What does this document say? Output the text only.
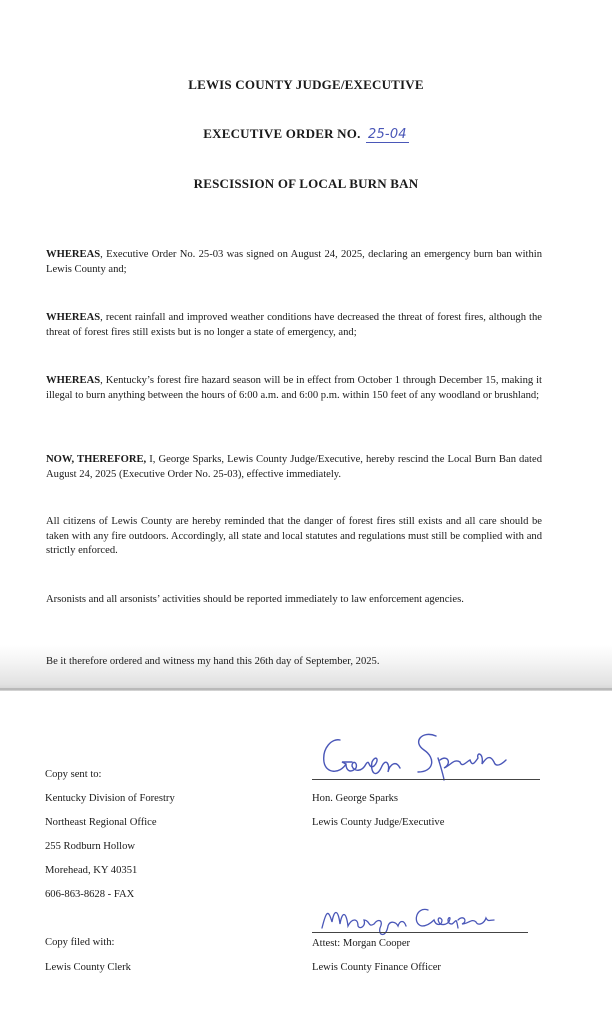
LEWIS COUNTY JUDGE/EXECUTIVE
EXECUTIVE ORDER NO. 25-04
RESCISSION OF LOCAL BURN BAN
WHEREAS, Executive Order No. 25-03 was signed on August 24, 2025, declaring an emergency burn ban within Lewis County and;
WHEREAS, recent rainfall and improved weather conditions have decreased the threat of forest fires, although the threat of forest fires still exists but is no longer a state of emergency, and;
WHEREAS, Kentucky’s forest fire hazard season will be in effect from October 1 through December 15, making it illegal to burn anything between the hours of 6:00 a.m. and 6:00 p.m. within 150 feet of any woodland or brushland;
NOW, THEREFORE, I, George Sparks, Lewis County Judge/Executive, hereby rescind the Local Burn Ban dated August 24, 2025 (Executive Order No. 25-03), effective immediately.
All citizens of Lewis County are hereby reminded that the danger of forest fires still exists and all care should be taken with any fire outdoors. Accordingly, all state and local statutes and regulations must still be complied with and strictly enforced.
Arsonists and all arsonists’ activities should be reported immediately to law enforcement agencies.
Be it therefore ordered and witness my hand this 26th day of September, 2025.
Copy sent to:
Kentucky Division of Forestry
Northeast Regional Office
255 Rodburn Hollow
Morehead, KY 40351
606-863-8628 - FAX
Copy filed with:
Lewis County Clerk
Hon. George Sparks
Lewis County Judge/Executive
Attest: Morgan Cooper
Lewis County Finance Officer
